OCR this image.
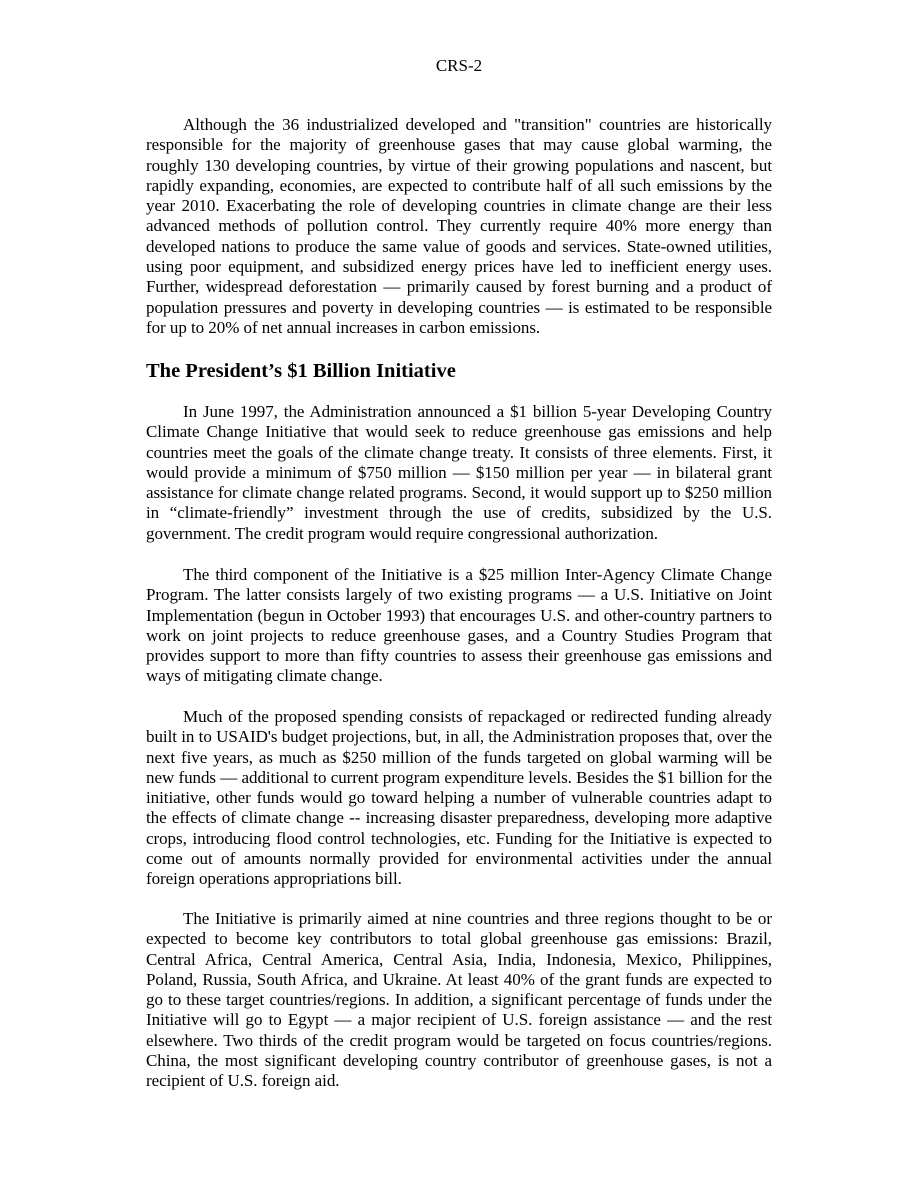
CRS-2

Although the 36 industrialized developed and "transition" countries are historically responsible for the majority of greenhouse gases that may cause global warming, the roughly 130 developing countries, by virtue of their growing populations and nascent, but rapidly expanding, economies, are expected to contribute half of all such emissions by the year 2010. Exacerbating the role of developing countries in climate change are their less advanced methods of pollution control. They currently require 40% more energy than developed nations to produce the same value of goods and services. State-owned utilities, using poor equipment, and subsidized energy prices have led to inefficient energy uses. Further, widespread deforestation — primarily caused by forest burning and a product of population pressures and poverty in developing countries — is estimated to be responsible for up to 20% of net annual increases in carbon emissions.

The President’s $1 Billion Initiative

In June 1997, the Administration announced a $1 billion 5-year Developing Country Climate Change Initiative that would seek to reduce greenhouse gas emissions and help countries meet the goals of the climate change treaty. It consists of three elements. First, it would provide a minimum of $750 million — $150 million per year — in bilateral grant assistance for climate change related programs. Second, it would support up to $250 million in “climate-friendly” investment through the use of credits, subsidized by the U.S. government. The credit program would require congressional authorization.

The third component of the Initiative is a $25 million Inter-Agency Climate Change Program. The latter consists largely of two existing programs — a U.S. Initiative on Joint Implementation (begun in October 1993) that encourages U.S. and other-country partners to work on joint projects to reduce greenhouse gases, and a Country Studies Program that provides support to more than fifty countries to assess their greenhouse gas emissions and ways of mitigating climate change.

Much of the proposed spending consists of repackaged or redirected funding already built in to USAID's budget projections, but, in all, the Administration proposes that, over the next five years, as much as $250 million of the funds targeted on global warming will be new funds — additional to current program expenditure levels. Besides the $1 billion for the initiative, other funds would go toward helping a number of vulnerable countries adapt to the effects of climate change -- increasing disaster preparedness, developing more adaptive crops, introducing flood control technologies, etc. Funding for the Initiative is expected to come out of amounts normally provided for environmental activities under the annual foreign operations appropriations bill.

The Initiative is primarily aimed at nine countries and three regions thought to be or expected to become key contributors to total global greenhouse gas emissions: Brazil, Central Africa, Central America, Central Asia, India, Indonesia, Mexico, Philippines, Poland, Russia, South Africa, and Ukraine. At least 40% of the grant funds are expected to go to these target countries/regions. In addition, a significant percentage of funds under the Initiative will go to Egypt — a major recipient of U.S. foreign assistance — and the rest elsewhere. Two thirds of the credit program would be targeted on focus countries/regions. China, the most significant developing country contributor of greenhouse gases, is not a recipient of U.S. foreign aid.
